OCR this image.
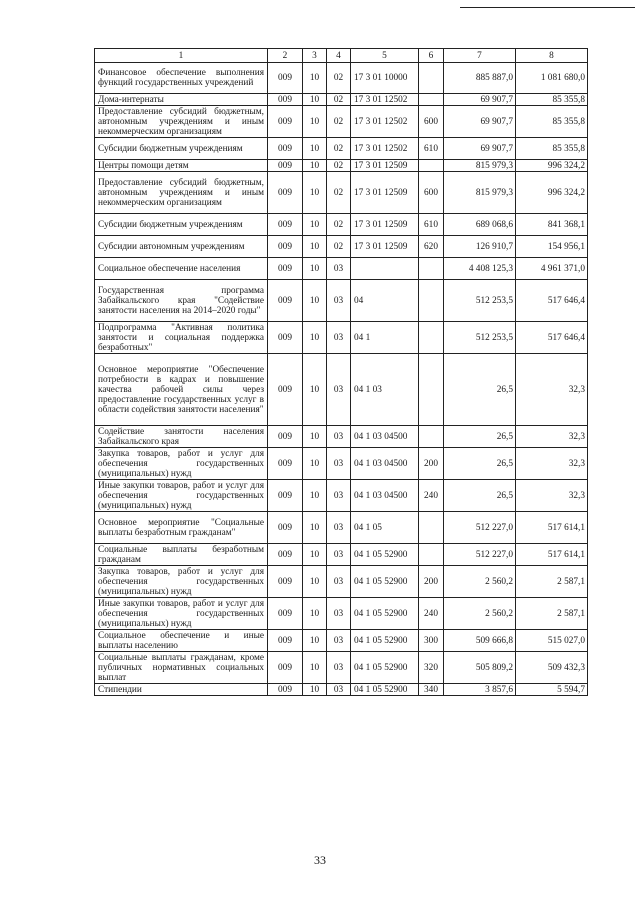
1	2	3	4	5	6	7	8
Финансовое обеспечение выполнения функций государственных учреждений	009	10	02	17 3 01 10000		885 887,0	1 081 680,0
Дома-интернаты	009	10	02	17 3 01 12502		69 907,7	85 355,8
Предоставление субсидий бюджетным, автономным учреждениям и иным некоммерческим организациям	009	10	02	17 3 01 12502	600	69 907,7	85 355,8
Субсидии бюджетным учреждениям	009	10	02	17 3 01 12502	610	69 907,7	85 355,8
Центры помощи детям	009	10	02	17 3 01 12509		815 979,3	996 324,2
Предоставление субсидий бюджетным, автономным учреждениям и иным некоммерческим организациям	009	10	02	17 3 01 12509	600	815 979,3	996 324,2
Субсидии бюджетным учреждениям	009	10	02	17 3 01 12509	610	689 068,6	841 368,1
Субсидии автономным учреждениям	009	10	02	17 3 01 12509	620	126 910,7	154 956,1
Социальное обеспечение населения	009	10	03			4 408 125,3	4 961 371,0
Государственная программа Забайкальского края "Содействие занятости населения на 2014–2020 годы"	009	10	03	04		512 253,5	517 646,4
Подпрограмма "Активная политика занятости и социальная поддержка безработных"	009	10	03	04 1		512 253,5	517 646,4
Основное мероприятие "Обеспечение потребности в кадрах и повышение качества рабочей силы через предоставление государственных услуг в области содействия занятости населения"	009	10	03	04 1 03		26,5	32,3
Содействие занятости населения Забайкальского края	009	10	03	04 1 03 04500		26,5	32,3
Закупка товаров, работ и услуг для обеспечения государственных (муниципальных) нужд	009	10	03	04 1 03 04500	200	26,5	32,3
Иные закупки товаров, работ и услуг для обеспечения государственных (муниципальных) нужд	009	10	03	04 1 03 04500	240	26,5	32,3
Основное мероприятие "Социальные выплаты безработным гражданам"	009	10	03	04 1 05		512 227,0	517 614,1
Социальные выплаты безработным гражданам	009	10	03	04 1 05 52900		512 227,0	517 614,1
Закупка товаров, работ и услуг для обеспечения государственных (муниципальных) нужд	009	10	03	04 1 05 52900	200	2 560,2	2 587,1
Иные закупки товаров, работ и услуг для обеспечения государственных (муниципальных) нужд	009	10	03	04 1 05 52900	240	2 560,2	2 587,1
Социальное обеспечение и иные выплаты населению	009	10	03	04 1 05 52900	300	509 666,8	515 027,0
Социальные выплаты гражданам, кроме публичных нормативных социальных выплат	009	10	03	04 1 05 52900	320	505 809,2	509 432,3
Стипендии	009	10	03	04 1 05 52900	340	3 857,6	5 594,7
33
